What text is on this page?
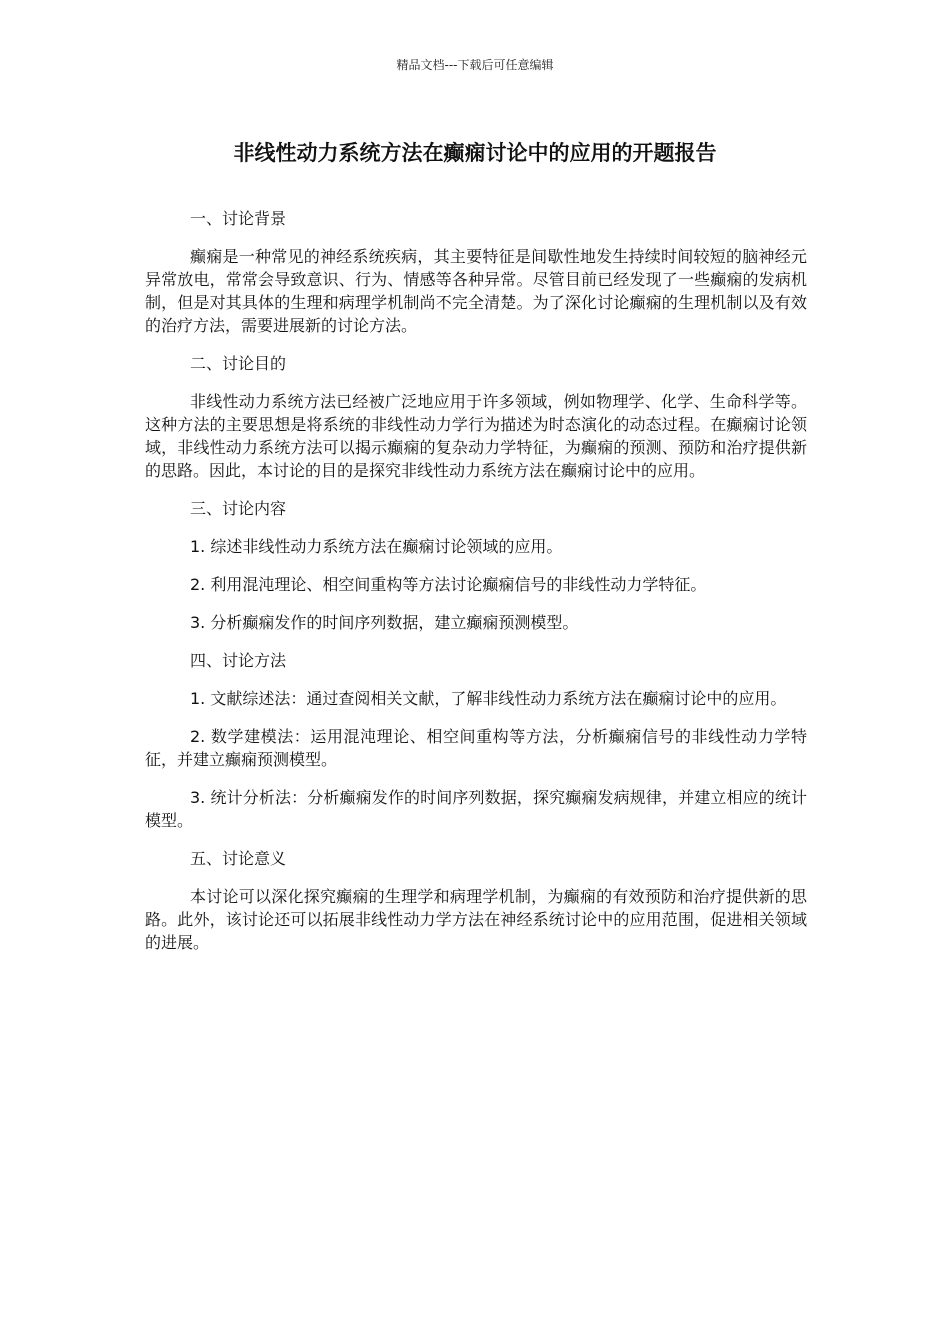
精品文档---下载后可任意编辑
非线性动力系统方法在癫痫讨论中的应用的开题报告

一、讨论背景

癫痫是一种常见的神经系统疾病，其主要特征是间歇性地发生持续时间较短的脑神经元异常放电，常常会导致意识、行为、情感等各种异常。尽管目前已经发现了一些癫痫的发病机制，但是对其具体的生理和病理学机制尚不完全清楚。为了深化讨论癫痫的生理机制以及有效的治疗方法，需要进展新的讨论方法。

二、讨论目的

非线性动力系统方法已经被广泛地应用于许多领域，例如物理学、化学、生命科学等。这种方法的主要思想是将系统的非线性动力学行为描述为时态演化的动态过程。在癫痫讨论领域，非线性动力系统方法可以揭示癫痫的复杂动力学特征，为癫痫的预测、预防和治疗提供新的思路。因此，本讨论的目的是探究非线性动力系统方法在癫痫讨论中的应用。

三、讨论内容

1. 综述非线性动力系统方法在癫痫讨论领域的应用。

2. 利用混沌理论、相空间重构等方法讨论癫痫信号的非线性动力学特征。

3. 分析癫痫发作的时间序列数据，建立癫痫预测模型。

四、讨论方法

1. 文献综述法：通过查阅相关文献，了解非线性动力系统方法在癫痫讨论中的应用。

2. 数学建模法：运用混沌理论、相空间重构等方法，分析癫痫信号的非线性动力学特征，并建立癫痫预测模型。

3. 统计分析法：分析癫痫发作的时间序列数据，探究癫痫发病规律，并建立相应的统计模型。

五、讨论意义

本讨论可以深化探究癫痫的生理学和病理学机制，为癫痫的有效预防和治疗提供新的思路。此外，该讨论还可以拓展非线性动力学方法在神经系统讨论中的应用范围，促进相关领域的进展。
